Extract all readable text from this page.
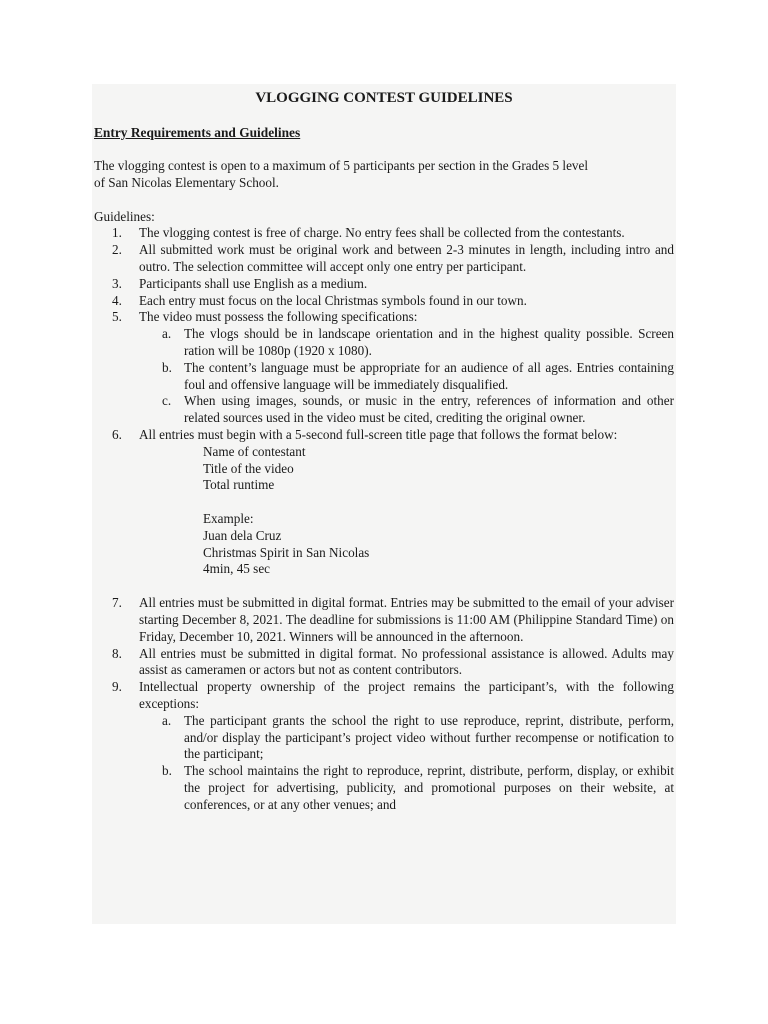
VLOGGING CONTEST GUIDELINES
Entry Requirements and Guidelines
The vlogging contest is open to a maximum of 5 participants per section in the Grades 5 level
of San Nicolas Elementary School.
Guidelines:
1. The vlogging contest is free of charge. No entry fees shall be collected from the contestants.
2. All submitted work must be original work and between 2-3 minutes in length, including intro and outro. The selection committee will accept only one entry per participant.
3. Participants shall use English as a medium.
4. Each entry must focus on the local Christmas symbols found in our town.
5. The video must possess the following specifications:
a. The vlogs should be in landscape orientation and in the highest quality possible. Screen ration will be 1080p (1920 x 1080).
b. The content’s language must be appropriate for an audience of all ages. Entries containing foul and offensive language will be immediately disqualified.
c. When using images, sounds, or music in the entry, references of information and other related sources used in the video must be cited, crediting the original owner.
6. All entries must begin with a 5-second full-screen title page that follows the format below:
Name of contestant
Title of the video
Total runtime
Example:
Juan dela Cruz
Christmas Spirit in San Nicolas
4min, 45 sec
7. All entries must be submitted in digital format. Entries may be submitted to the email of your adviser starting December 8, 2021. The deadline for submissions is 11:00 AM (Philippine Standard Time) on Friday, December 10, 2021. Winners will be announced in the afternoon.
8. All entries must be submitted in digital format. No professional assistance is allowed. Adults may assist as cameramen or actors but not as content contributors.
9. Intellectual property ownership of the project remains the participant’s, with the following exceptions:
a. The participant grants the school the right to use reproduce, reprint, distribute, perform, and/or display the participant’s project video without further recompense or notification to the participant;
b. The school maintains the right to reproduce, reprint, distribute, perform, display, or exhibit the project for advertising, publicity, and promotional purposes on their website, at conferences, or at any other venues; and
